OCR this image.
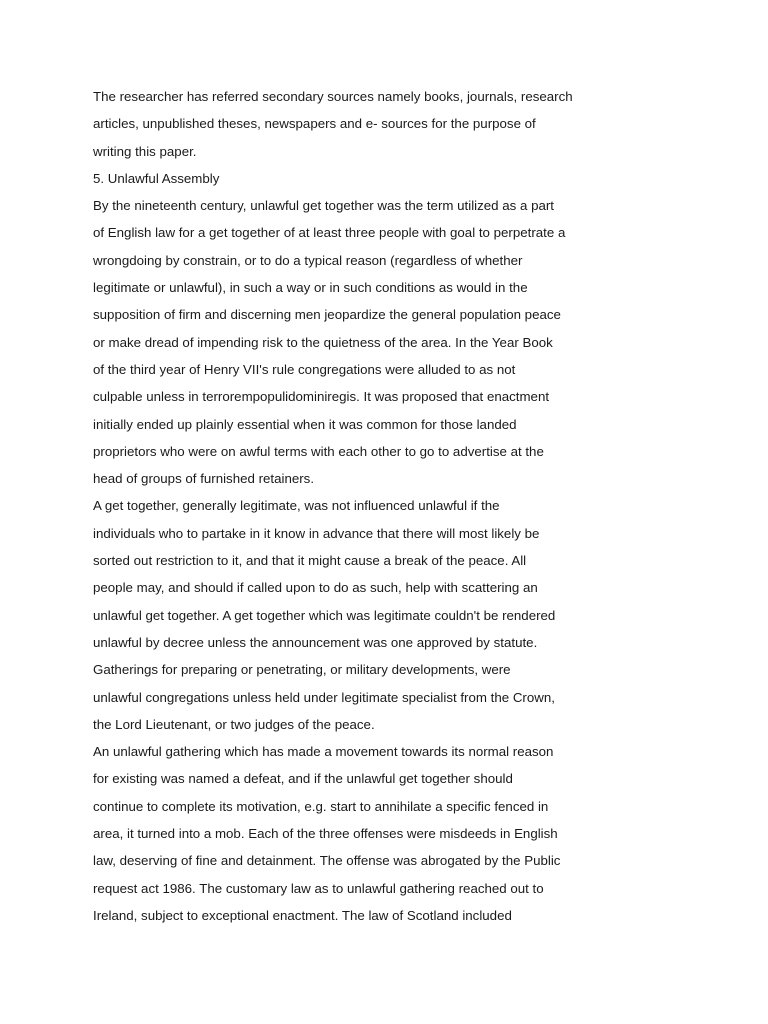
The researcher has referred secondary sources namely books, journals, research
articles, unpublished theses, newspapers and e- sources for the purpose of
writing this paper.
5. Unlawful Assembly
By the nineteenth century, unlawful get together was the term utilized as a part
of English law for a get together of at least three people with goal to perpetrate a
wrongdoing by constrain, or to do a typical reason (regardless of whether
legitimate or unlawful), in such a way or in such conditions as would in the
supposition of firm and discerning men jeopardize the general population peace
or make dread of impending risk to the quietness of the area. In the Year Book
of the third year of Henry VII's rule congregations were alluded to as not
culpable unless in terrorempopulidominiregis. It was proposed that enactment
initially ended up plainly essential when it was common for those landed
proprietors who were on awful terms with each other to go to advertise at the
head of groups of furnished retainers.
A get together, generally legitimate, was not influenced unlawful if the
individuals who to partake in it know in advance that there will most likely be
sorted out restriction to it, and that it might cause a break of the peace. All
people may, and should if called upon to do as such, help with scattering an
unlawful get together. A get together which was legitimate couldn't be rendered
unlawful by decree unless the announcement was one approved by statute.
Gatherings for preparing or penetrating, or military developments, were
unlawful congregations unless held under legitimate specialist from the Crown,
the Lord Lieutenant, or two judges of the peace.
An unlawful gathering which has made a movement towards its normal reason
for existing was named a defeat, and if the unlawful get together should
continue to complete its motivation, e.g. start to annihilate a specific fenced in
area, it turned into a mob. Each of the three offenses were misdeeds in English
law, deserving of fine and detainment. The offense was abrogated by the Public
request act 1986. The customary law as to unlawful gathering reached out to
Ireland, subject to exceptional enactment. The law of Scotland included
